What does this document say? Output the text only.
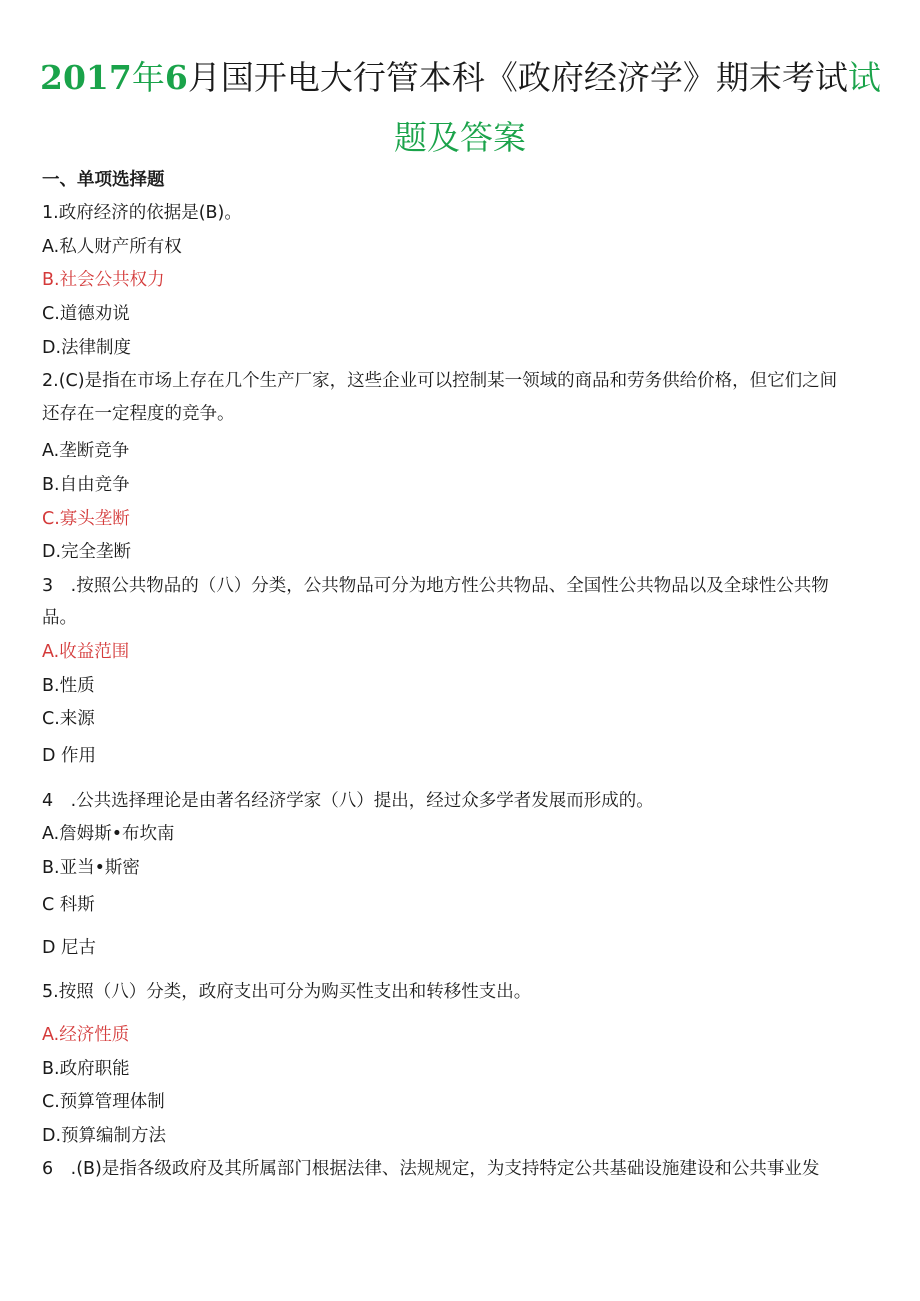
2017年6月国开电大行管本科《政府经济学》期末考试试
题及答案
一、单项选择题
1.政府经济的依据是(B)。
A.私人财产所有权
B.社会公共权力
C.道德劝说
D.法律制度
2.(C)是指在市场上存在几个生产厂家，这些企业可以控制某一领域的商品和劳务供给价格，但它们之间
还存在一定程度的竞争。
A.垄断竞争
B.自由竞争
C.寡头垄断
D.完全垄断
3　.按照公共物品的（八）分类，公共物品可分为地方性公共物品、全国性公共物品以及全球性公共物
品。
A.收益范围
B.性质
C.来源
D 作用
4　.公共选择理论是由著名经济学家（八）提出，经过众多学者发展而形成的。
A.詹姆斯•布坎南
B.亚当•斯密
C 科斯
D 尼古
5.按照（八）分类，政府支出可分为购买性支出和转移性支出。
A.经济性质
B.政府职能
C.预算管理体制
D.预算编制方法
6　.(B)是指各级政府及其所属部门根据法律、法规规定，为支持特定公共基础设施建设和公共事业发
